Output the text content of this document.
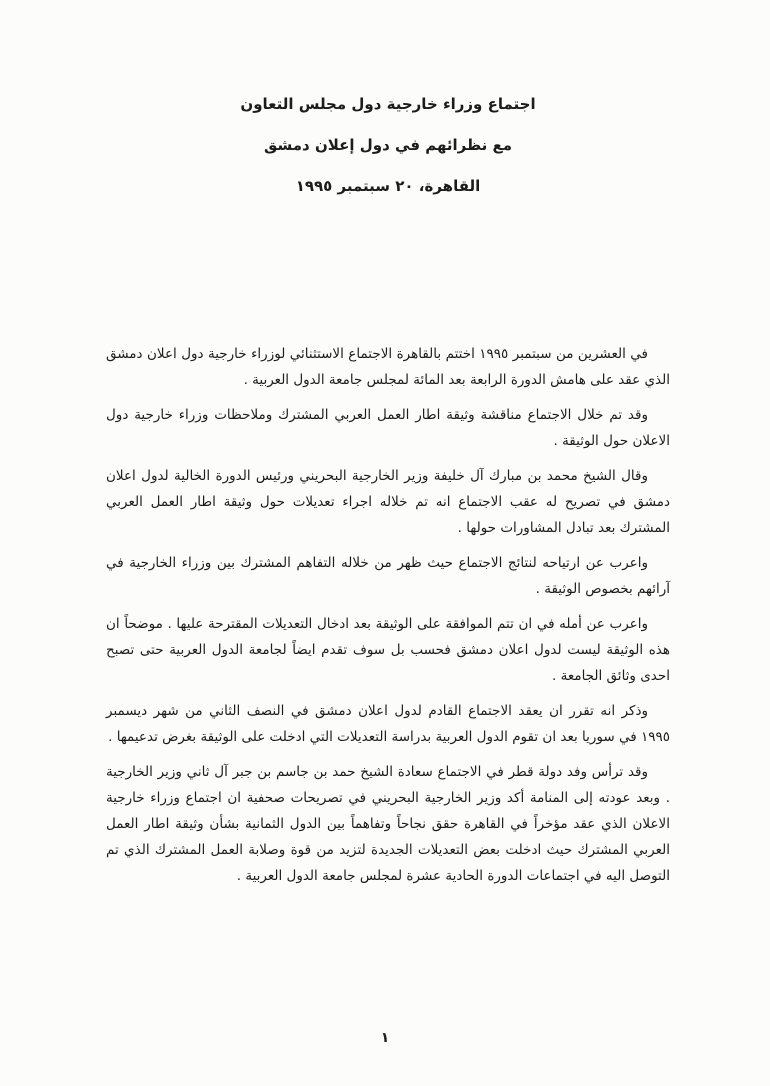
اجتماع وزراء خارجية دول مجلس التعاون
مع نظرائهم في دول إعلان دمشق
القاهرة، ٢٠ سبتمبر ١٩٩٥

في العشرين من سبتمبر ١٩٩٥ اختتم بالقاهرة الاجتماع الاستثنائي لوزراء خارجية دول اعلان دمشق الذي عقد على هامش الدورة الرابعة بعد المائة لمجلس جامعة الدول العربية .

وقد تم خلال الاجتماع مناقشة وثيقة اطار العمل العربي المشترك وملاحظات وزراء خارجية دول الاعلان حول الوثيقة .

وقال الشيخ محمد بن مبارك آل خليفة وزير الخارجية البحريني ورئيس الدورة الخالية لدول اعلان دمشق في تصريح له عقب الاجتماع انه تم خلاله اجراء تعديلات حول وثيقة اطار العمل العربي المشترك بعد تبادل المشاورات حولها .

واعرب عن ارتياحه لنتائج الاجتماع حيث ظهر من خلاله التفاهم المشترك بين وزراء الخارجية في آرائهم بخصوص الوثيقة .

واعرب عن أمله في ان تتم الموافقة على الوثيقة بعد ادخال التعديلات المقترحة عليها . موضحاً ان هذه الوثيقة ليست لدول اعلان دمشق فحسب بل سوف تقدم ايضاً لجامعة الدول العربية حتى تصبح احدى وثائق الجامعة .

وذكر انه تقرر ان يعقد الاجتماع القادم لدول اعلان دمشق في النصف الثاني من شهر ديسمبر ١٩٩٥ في سوريا بعد ان تقوم الدول العربية بدراسة التعديلات التي ادخلت على الوثيقة بغرض تدعيمها .

وقد ترأس وفد دولة قطر في الاجتماع سعادة الشيخ حمد بن جاسم بن جبر آل ثاني وزير الخارجية . وبعد عودته إلى المنامة أكد وزير الخارجية البحريني في تصريحات صحفية ان اجتماع وزراء خارجية الاعلان الذي عقد مؤخراً في القاهرة حقق نجاحاً وتفاهماً بين الدول الثمانية بشأن وثيقة اطار العمل العربي المشترك حيث ادخلت بعض التعديلات الجديدة لتزيد من قوة وصلابة العمل المشترك الذي تم التوصل اليه في اجتماعات الدورة الحادية عشرة لمجلس جامعة الدول العربية .

١
